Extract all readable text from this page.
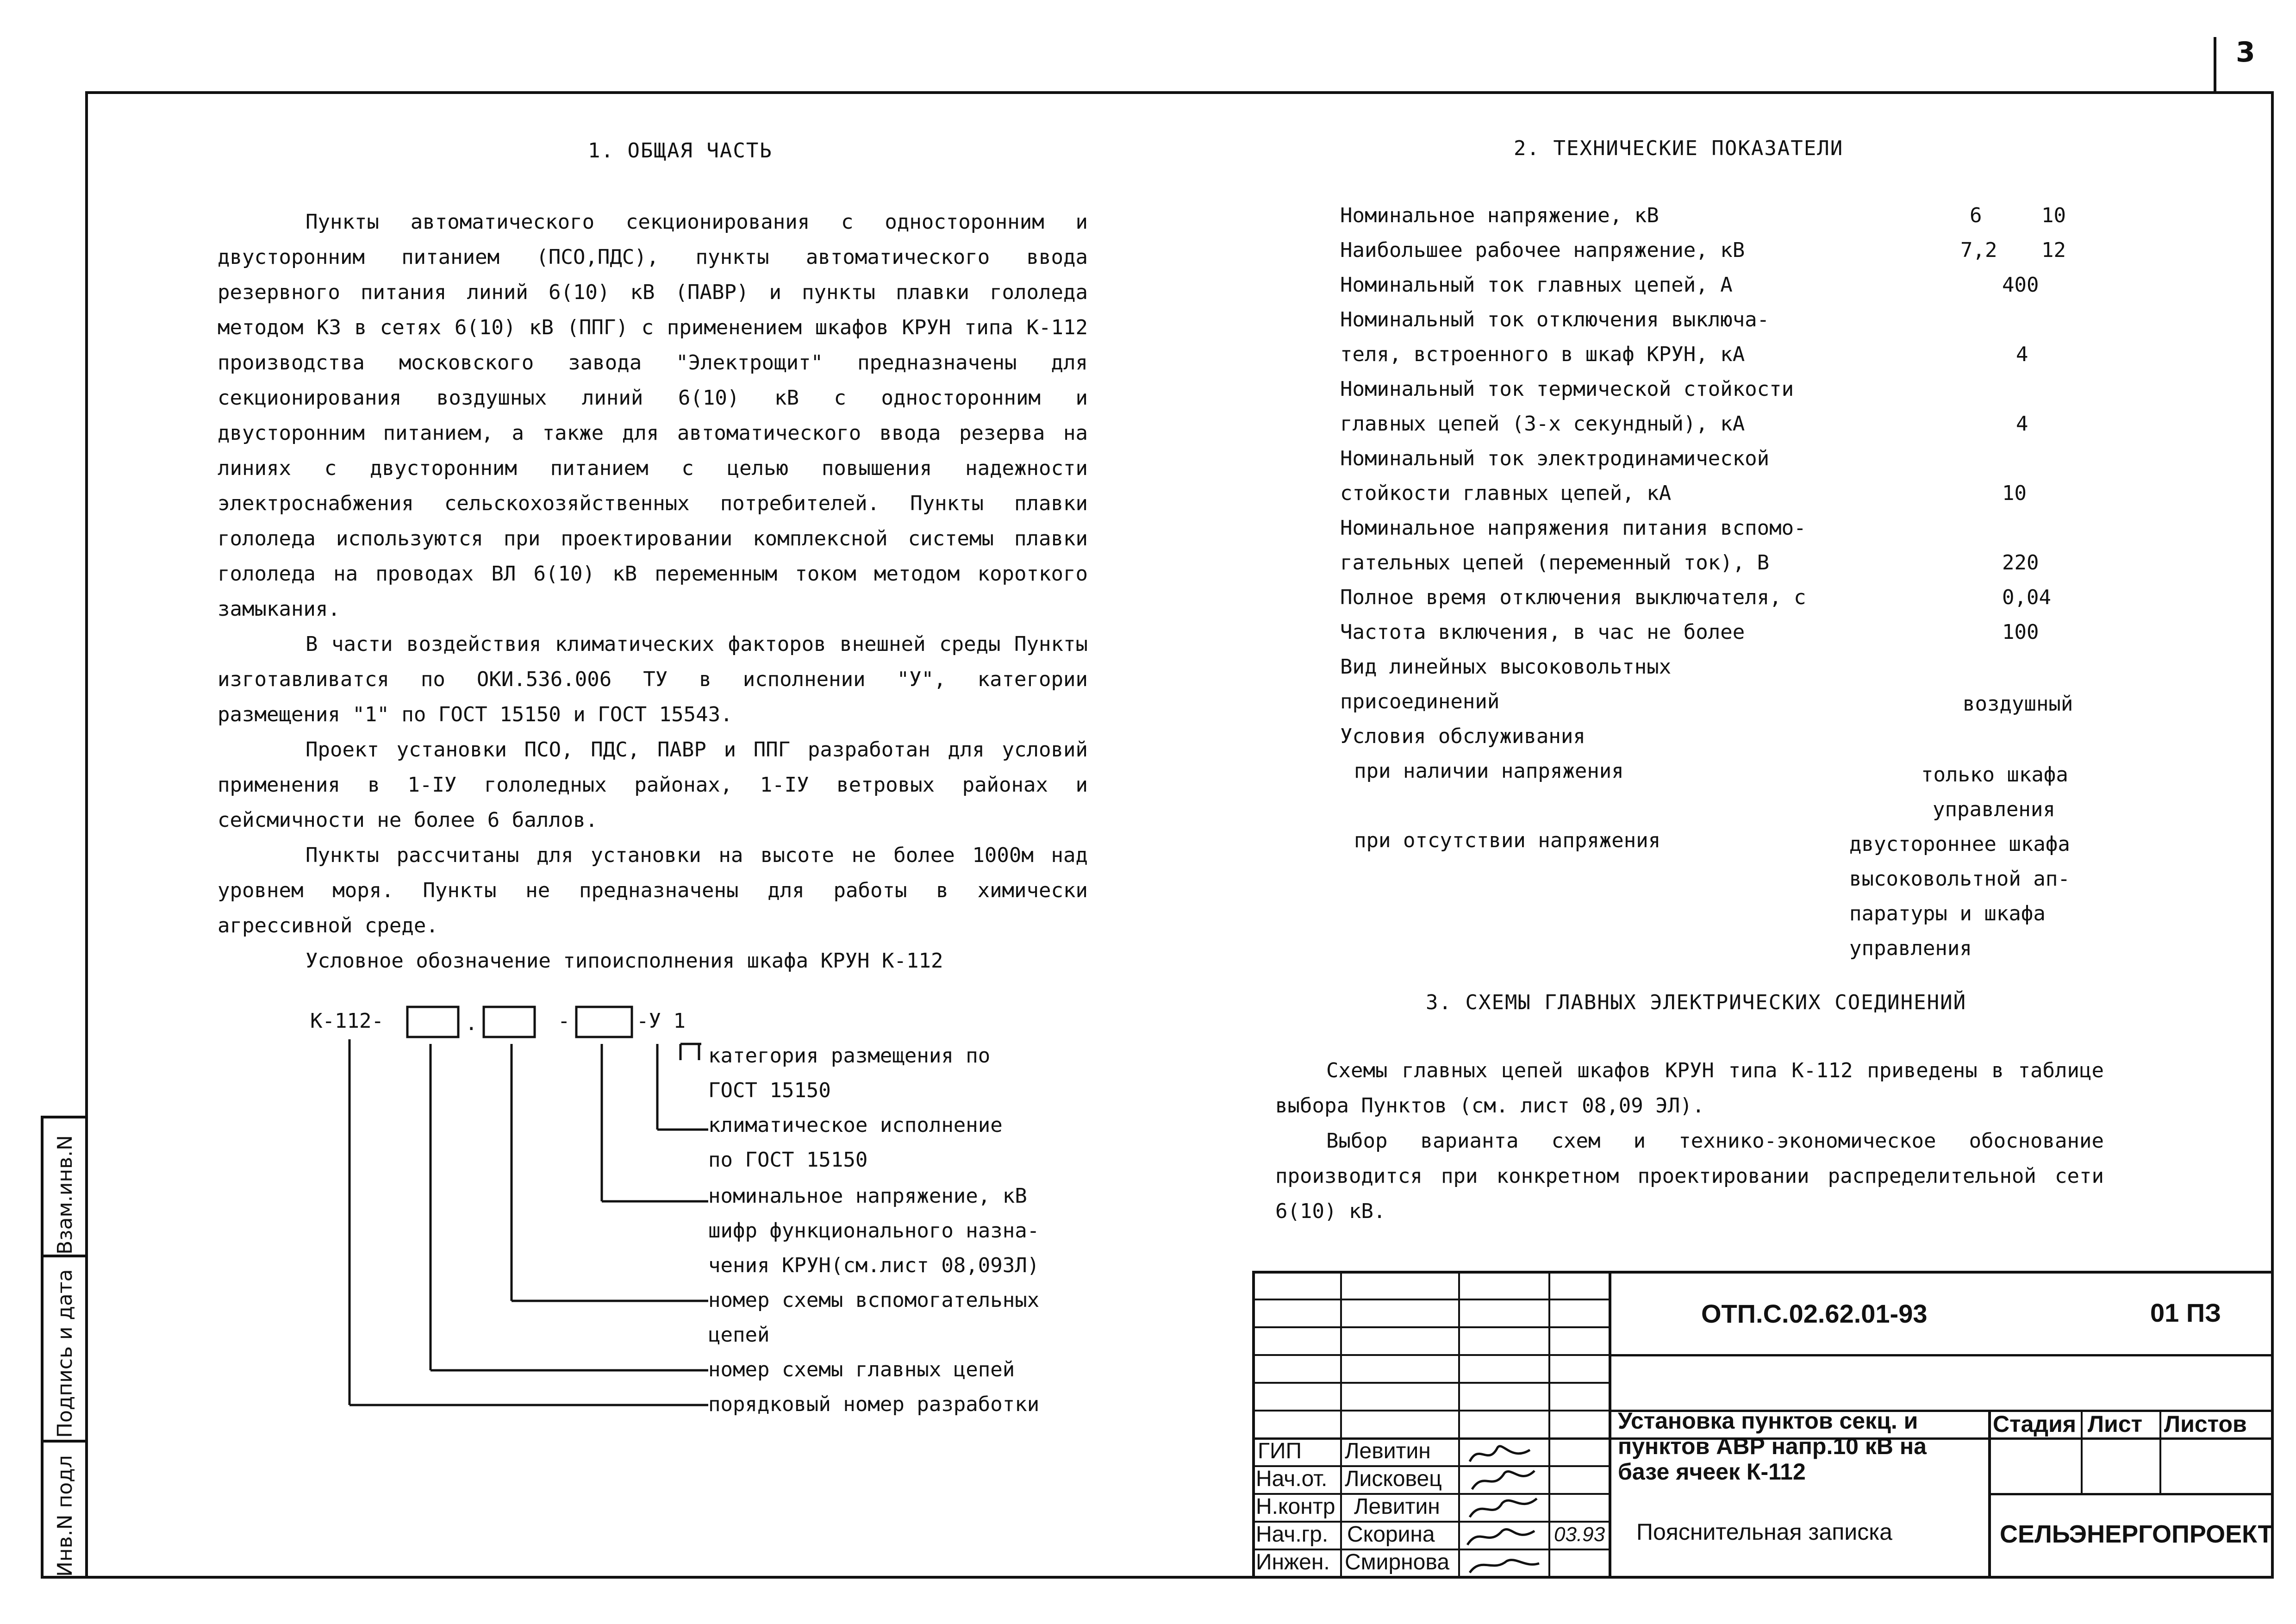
3
Взам.инв.N
Подпись и дата
Инв.N подл
1. ОБЩАЯ ЧАСТЬ

Пункты автоматического секционирования с односторонним и двусторонним питанием (ПСО,ПДС), пункты автоматического ввода резервного питания линий 6(10) кВ (ПАВР) и пункты плавки гололеда методом КЗ в сетях 6(10) кВ (ППГ) с применением шкафов КРУН типа К-112 производства московского завода "Электрощит" предназначены для секционирования воздушных линий 6(10) кВ с односторонним и двусторонним питанием, а также для автоматического ввода резерва на линиях с двусторонним питанием с целью повышения надежности электроснабжения сельскохозяйственных потребителей. Пункты плавки гололеда используются при проектировании комплексной системы плавки гололеда на проводах ВЛ 6(10) кВ переменным током методом короткого замыкания.

В части воздействия климатических факторов внешней среды Пункты изготавливатся по ОКИ.536.006 ТУ в исполнении "У", категории размещения "1" по ГОСТ 15150 и ГОСТ 15543.

Проект установки ПСО, ПДС, ПАВР и ППГ разработан для условий применения в 1-IУ гололедных районах, 1-IУ ветровых районах и сейсмичности не более 6 баллов.

Пункты рассчитаны для установки на высоте не более 1000м над уровнем моря. Пункты не предназначены для работы в химически агрессивной среде.

Условное обозначение типоисполнения шкафа КРУН К-112

К-112-	.	-	-У 1
категория размещения по
ГОСТ 15150
климатическое исполнение
по ГОСТ 15150
номинальное напряжение, кВ
шифр функционального назна-
чения КРУН(см.лист 08,093Л)
номер схемы вспомогательных
цепей
номер схемы главных цепей
порядковый номер разработки
2. ТЕХНИЧЕСКИЕ ПОКАЗАТЕЛИ
Номинальное напряжение, кВ	6	10
Наибольшее рабочее напряжение, кВ	7,2 12
Номинальный ток главных цепей, А	400
Номинальный ток отключения выключа-
теля, встроенного в шкаф КРУН, кА	4
Номинальный ток термической стойкости
главных цепей (3-х секундный), кА	4
Номинальный ток электродинамической
стойкости главных цепей, кА	10
Номинальное напряжения питания вспомо-
гательных цепей (переменный ток), В	220
Полное время отключения выключателя, с	0,04
Частота включения, в час не более	100
Вид линейных высоковольтных
присоединений	воздушный
Условия обслуживания
при наличии напряжения	только шкафа
управления
при отсутствии напряжения	двустороннее шкафа
высоковольтной ап-
паратуры и шкафа
управления
3. СХЕМЫ ГЛАВНЫХ ЭЛЕКТРИЧЕСКИХ СОЕДИНЕНИЙ

Схемы главных цепей шкафов КРУН типа К-112 приведены в таблице выбора Пунктов (см. лист 08,09 ЭЛ).

Выбор варианта схем и технико-экономическое обоснование производится при конкретном проектировании распределительной сети 6(10) кВ.

ОТП.С.02.62.01-93	01 ПЗ
Установка пунктов секц. и
пунктов АВР напр.10 кВ на
базе ячеек К-112
Стадия Лист Листов
Пояснительная записка	СЕЛЬЭНЕРГОПРОЕКТ
ГИП Левитин
Нач.от. Лисковец
Н.контр Левитин
Нач.гр. Скорина
Инжен. Смирнова
03.93
